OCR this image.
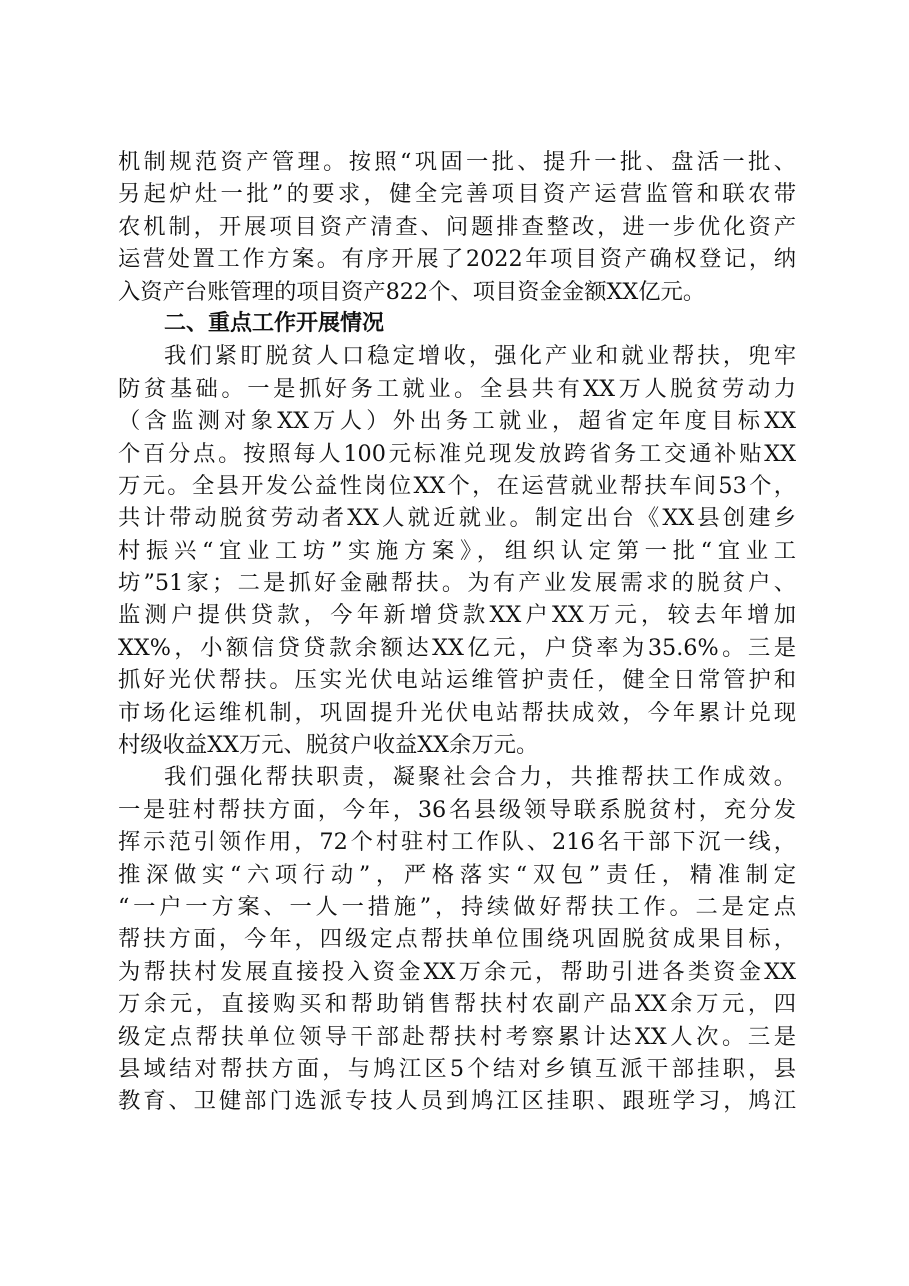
机制规范资产管理。按照“巩固一批、提升一批、盘活一批、
另起炉灶一批”的要求，健全完善项目资产运营监管和联农带
农机制，开展项目资产清查、问题排查整改，进一步优化资产
运营处置工作方案。有序开展了2022年项目资产确权登记，纳
入资产台账管理的项目资产822个、项目资金金额XX亿元。
二、重点工作开展情况
我们紧盯脱贫人口稳定增收，强化产业和就业帮扶，兜牢
防贫基础。一是抓好务工就业。全县共有XX万人脱贫劳动力
（含监测对象XX万人）外出务工就业，超省定年度目标XX
个百分点。按照每人100元标准兑现发放跨省务工交通补贴XX
万元。全县开发公益性岗位XX个，在运营就业帮扶车间53个，
共计带动脱贫劳动者XX人就近就业。制定出台《XX县创建乡
村振兴“宜业工坊”实施方案》，组织认定第一批“宜业工
坊”51家；二是抓好金融帮扶。为有产业发展需求的脱贫户、
监测户提供贷款，今年新增贷款XX户XX万元，较去年增加
XX%，小额信贷贷款余额达XX亿元，户贷率为35.6%。三是
抓好光伏帮扶。压实光伏电站运维管护责任，健全日常管护和
市场化运维机制，巩固提升光伏电站帮扶成效，今年累计兑现
村级收益XX万元、脱贫户收益XX余万元。
我们强化帮扶职责，凝聚社会合力，共推帮扶工作成效。
一是驻村帮扶方面，今年，36名县级领导联系脱贫村，充分发
挥示范引领作用，72个村驻村工作队、216名干部下沉一线，
推深做实“六项行动”，严格落实“双包”责任，精准制定
“一户一方案、一人一措施”，持续做好帮扶工作。二是定点
帮扶方面，今年，四级定点帮扶单位围绕巩固脱贫成果目标，
为帮扶村发展直接投入资金XX万余元，帮助引进各类资金XX
万余元，直接购买和帮助销售帮扶村农副产品XX余万元，四
级定点帮扶单位领导干部赴帮扶村考察累计达XX人次。三是
县域结对帮扶方面，与鸠江区5个结对乡镇互派干部挂职，县
教育、卫健部门选派专技人员到鸠江区挂职、跟班学习，鸠江
